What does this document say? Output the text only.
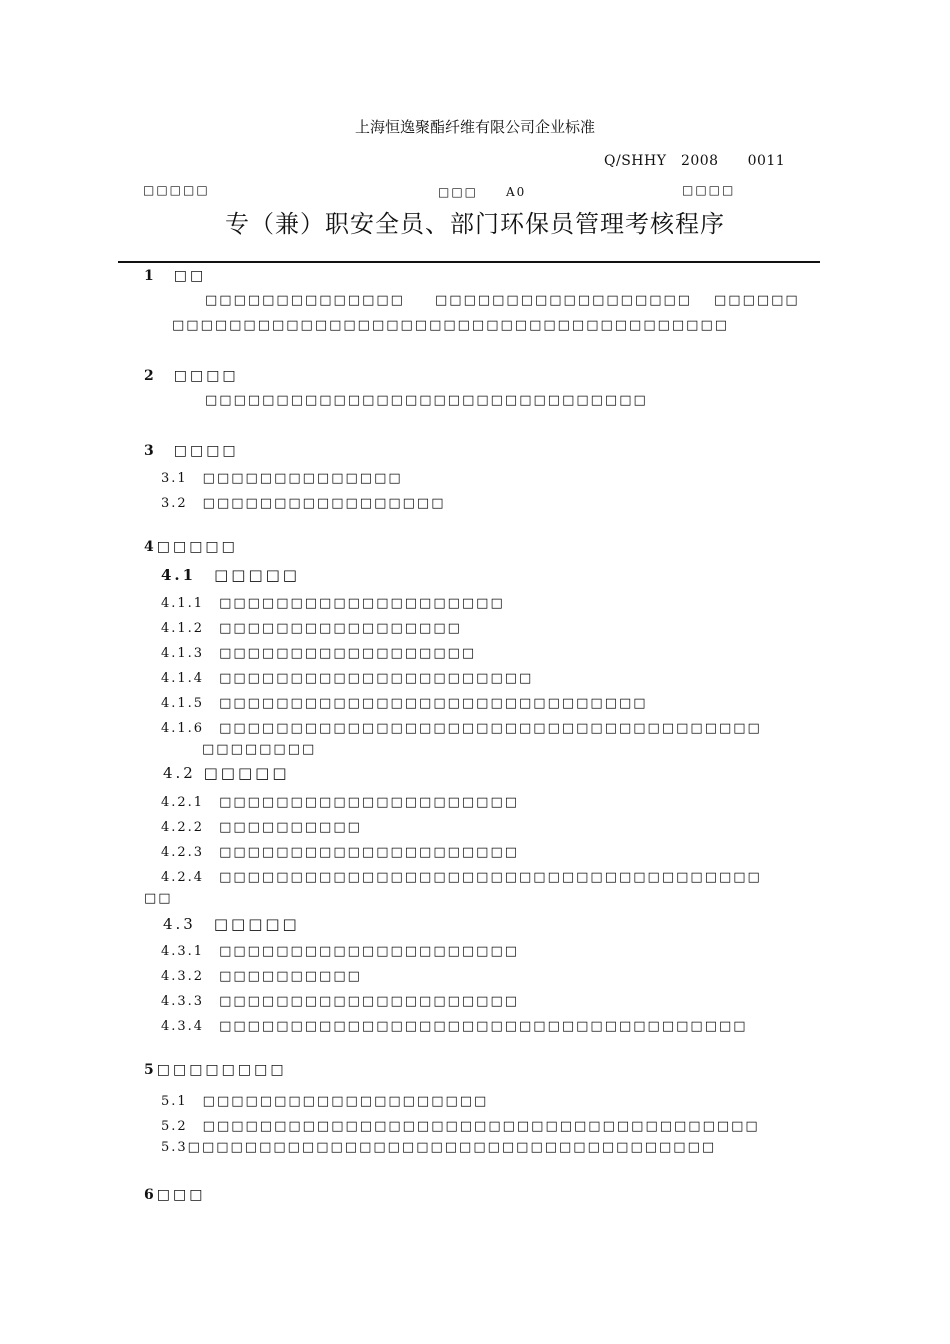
上海恒逸聚酯纤维有限公司企业标准
Q/SHHY　2008　　0011
□□□□□	□□□　　A0	□□□□
专（兼）职安全员、部门环保员管理考核程序
1　□□
□□□□□□□□□□□□□□ □□□□□□□□□□□□□□□□□□ □□□□□□
□□□□□□□□□□□□□□□□□□□□□□□□□□□□□□□□□□□□□□□
2　□□□□
□□□□□□□□□□□□□□□□□□□□□□□□□□□□□□□
3　□□□□
3.1　□□□□□□□□□□□□□□
3.2　□□□□□□□□□□□□□□□□□
4□□□□□
4.1　□□□□□
4.1.1　□□□□□□□□□□□□□□□□□□□□
4.1.2　□□□□□□□□□□□□□□□□□
4.1.3　□□□□□□□□□□□□□□□□□□
4.1.4　□□□□□□□□□□□□□□□□□□□□□□
4.1.5　□□□□□□□□□□□□□□□□□□□□□□□□□□□□□□
4.1.6　□□□□□□□□□□□□□□□□□□□□□□□□□□□□□□□□□□□□□□
□□□□□□□□
4.2 □□□□□
4.2.1　□□□□□□□□□□□□□□□□□□□□□
4.2.2　□□□□□□□□□□
4.2.3　□□□□□□□□□□□□□□□□□□□□□
4.2.4　□□□□□□□□□□□□□□□□□□□□□□□□□□□□□□□□□□□□□□
□□
4.3　□□□□□
4.3.1　□□□□□□□□□□□□□□□□□□□□□
4.3.2　□□□□□□□□□□
4.3.3　□□□□□□□□□□□□□□□□□□□□□
4.3.4　□□□□□□□□□□□□□□□□□□□□□□□□□□□□□□□□□□□□□
5□□□□□□□□
5.1　□□□□□□□□□□□□□□□□□□□□
5.2　□□□□□□□□□□□□□□□□□□□□□□□□□□□□□□□□□□□□□□□
5.3□□□□□□□□□□□□□□□□□□□□□□□□□□□□□□□□□□□□□
6□□□
